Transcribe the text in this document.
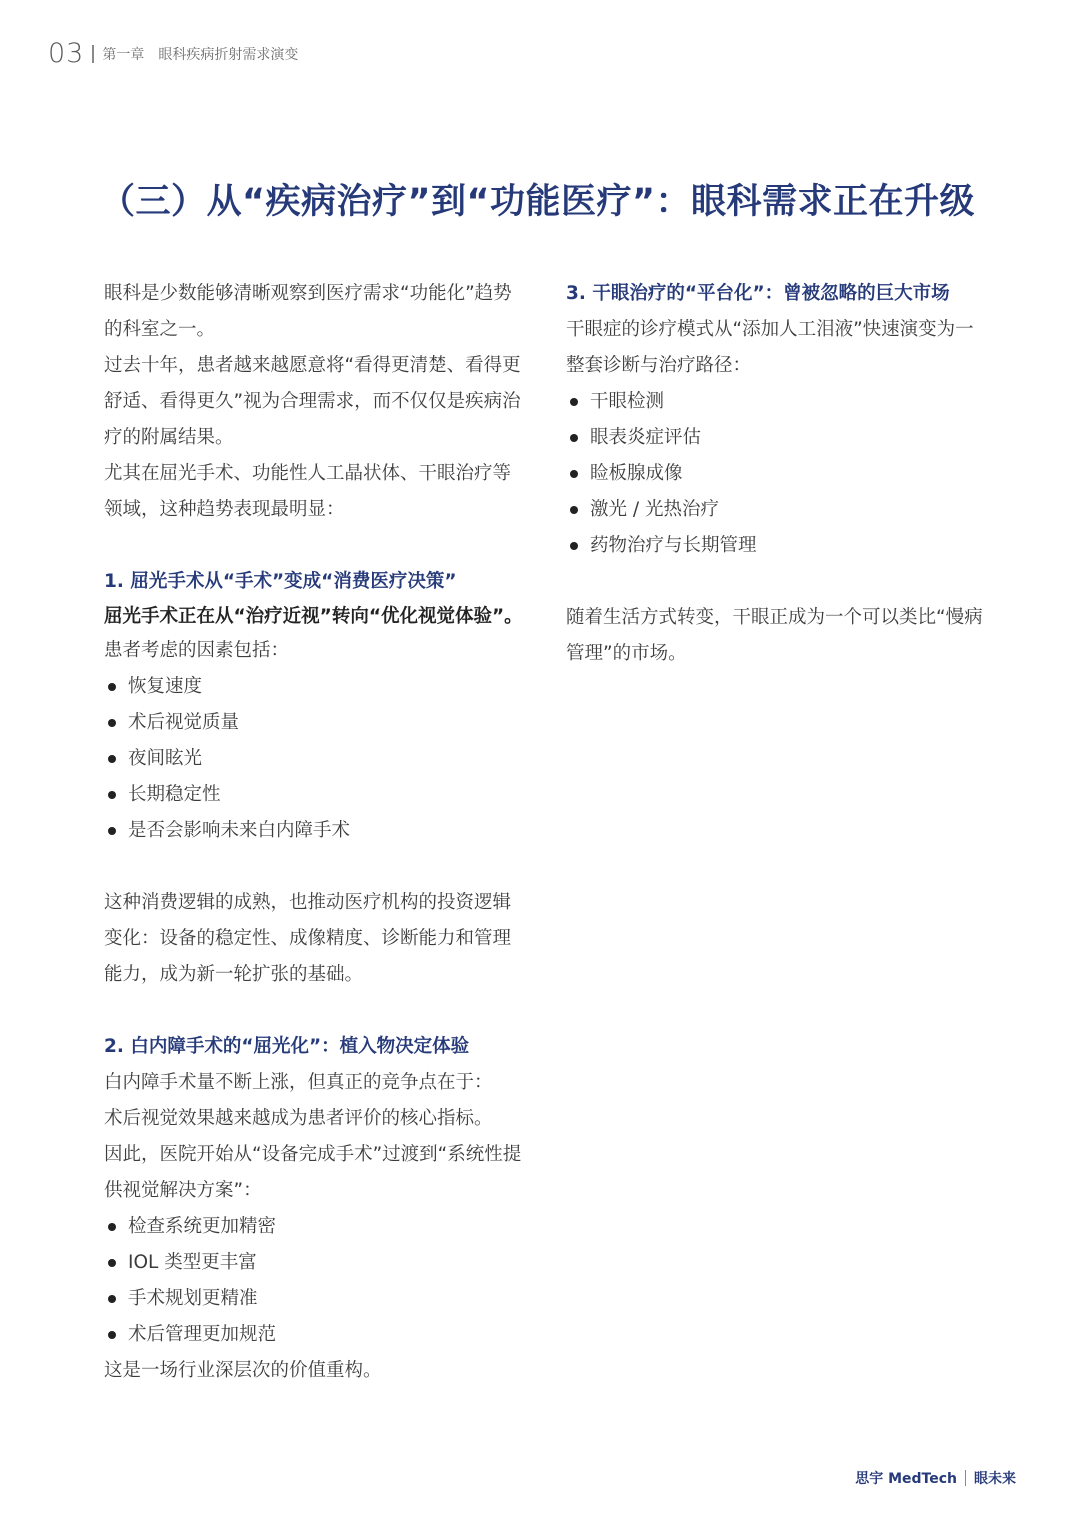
03 第一章 眼科疾病折射需求演变
（三）从“疾病治疗”到“功能医疗”：眼科需求正在升级

眼科是少数能够清晰观察到医疗需求“功能化”趋势的科室之一。

过去十年，患者越来越愿意将“看得更清楚、看得更舒适、看得更久”视为合理需求，而不仅仅是疾病治疗的附属结果。

尤其在屈光手术、功能性人工晶状体、干眼治疗等领域，这种趋势表现最明显：

1. 屈光手术从“手术”变成“消费医疗决策”

屈光手术正在从“治疗近视”转向“优化视觉体验”。

患者考虑的因素包括：

恢复速度
术后视觉质量
夜间眩光
长期稳定性
是否会影响未来白内障手术

这种消费逻辑的成熟，也推动医疗机构的投资逻辑变化：设备的稳定性、成像精度、诊断能力和管理能力，成为新一轮扩张的基础。

2. 白内障手术的“屈光化”：植入物决定体验

白内障手术量不断上涨，但真正的竞争点在于：

术后视觉效果越来越成为患者评价的核心指标。

因此，医院开始从“设备完成手术”过渡到“系统性提供视觉解决方案”：

检查系统更加精密
IOL 类型更丰富
手术规划更精准
术后管理更加规范

这是一场行业深层次的价值重构。

3. 干眼治疗的“平台化”：曾被忽略的巨大市场

干眼症的诊疗模式从“添加人工泪液”快速演变为一整套诊断与治疗路径：

干眼检测
眼表炎症评估
睑板腺成像
激光 / 光热治疗
药物治疗与长期管理

随着生活方式转变，干眼正成为一个可以类比“慢病管理”的市场。

思宇 MedTech 眼未来
